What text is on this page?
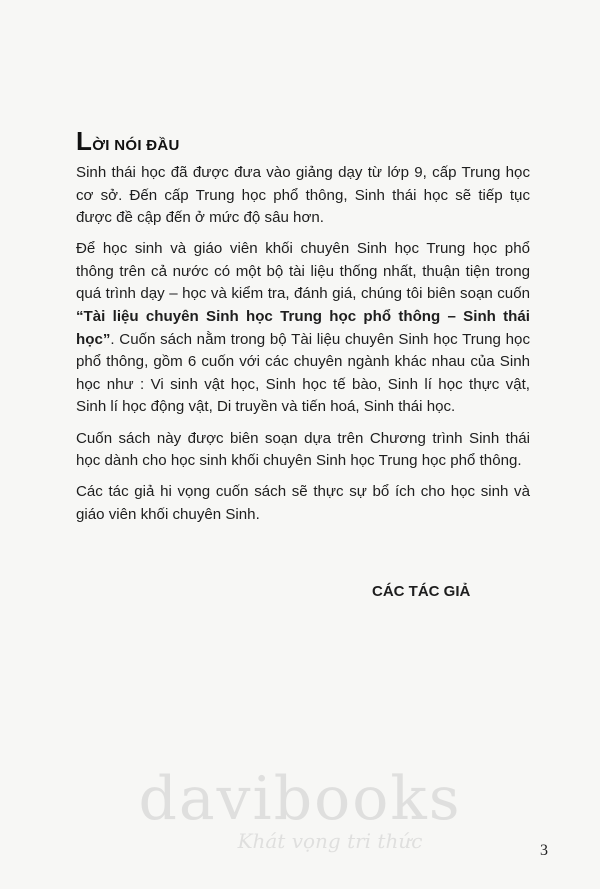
LỜI NÓI ĐẦU

Sinh thái học đã được đưa vào giảng dạy từ lớp 9, cấp Trung học cơ sở. Đến cấp Trung học phổ thông, Sinh thái học sẽ tiếp tục được đề cập đến ở mức độ sâu hơn.

Để học sinh và giáo viên khối chuyên Sinh học Trung học phổ thông trên cả nước có một bộ tài liệu thống nhất, thuận tiện trong quá trình dạy – học và kiểm tra, đánh giá, chúng tôi biên soạn cuốn “Tài liệu chuyên Sinh học Trung học phổ thông – Sinh thái học”. Cuốn sách nằm trong bộ Tài liệu chuyên Sinh học Trung học phổ thông, gồm 6 cuốn với các chuyên ngành khác nhau của Sinh học như : Vi sinh vật học, Sinh học tế bào, Sinh lí học thực vật, Sinh lí học động vật, Di truyền và tiến hoá, Sinh thái học.

Cuốn sách này được biên soạn dựa trên Chương trình Sinh thái học dành cho học sinh khối chuyên Sinh học Trung học phổ thông.

Các tác giả hi vọng cuốn sách sẽ thực sự bổ ích cho học sinh và giáo viên khối chuyên Sinh.

CÁC TÁC GIẢ
davibooks
Khát vọng tri thức	3
